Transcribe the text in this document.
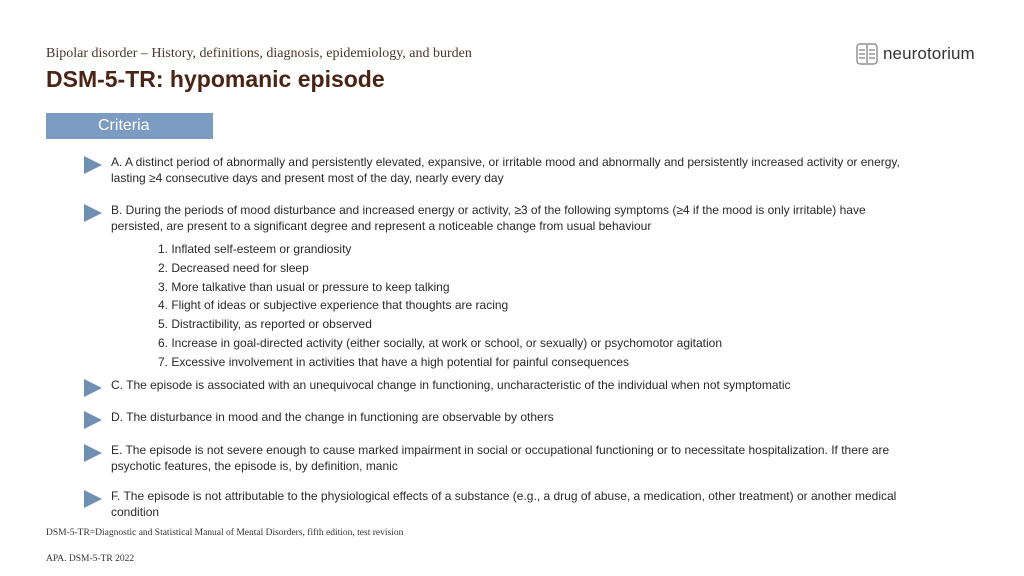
Bipolar disorder – History, definitions, diagnosis, epidemiology, and burden
DSM-5-TR: hypomanic episode
neurotorium
Criteria
A. A distinct period of abnormally and persistently elevated, expansive, or irritable mood and abnormally and persistently increased activity or energy, lasting ≥4 consecutive days and present most of the day, nearly every day
B. During the periods of mood disturbance and increased energy or activity, ≥3 of the following symptoms (≥4 if the mood is only irritable) have persisted, are present to a significant degree and represent a noticeable change from usual behaviour
1. Inflated self-esteem or grandiosity
2. Decreased need for sleep
3. More talkative than usual or pressure to keep talking
4. Flight of ideas or subjective experience that thoughts are racing
5. Distractibility, as reported or observed
6. Increase in goal-directed activity (either socially, at work or school, or sexually) or psychomotor agitation
7. Excessive involvement in activities that have a high potential for painful consequences
C. The episode is associated with an unequivocal change in functioning, uncharacteristic of the individual when not symptomatic
D. The disturbance in mood and the change in functioning are observable by others
E. The episode is not severe enough to cause marked impairment in social or occupational functioning or to necessitate hospitalization. If there are psychotic features, the episode is, by definition, manic
F. The episode is not attributable to the physiological effects of a substance (e.g., a drug of abuse, a medication, other treatment) or another medical condition
DSM-5-TR=Diagnostic and Statistical Manual of Mental Disorders, fifth edition, test revision
APA. DSM-5-TR 2022
